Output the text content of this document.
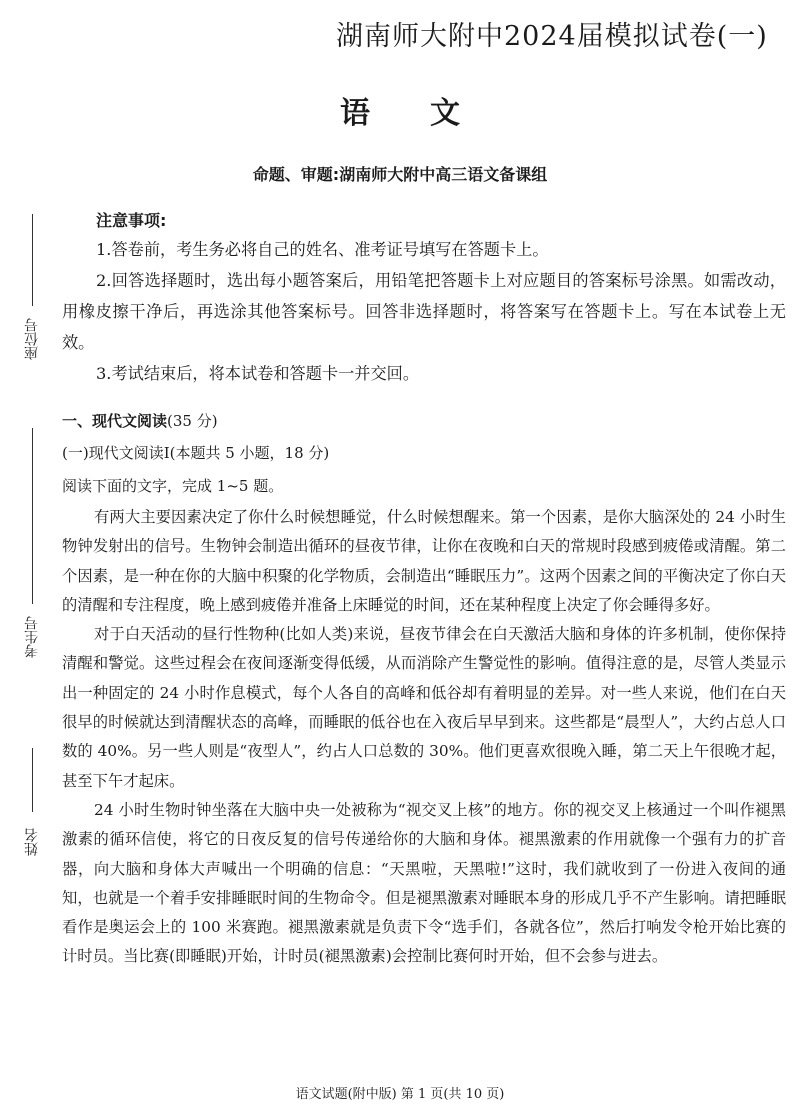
湖南师大附中2024届模拟试卷(一)
语文
命题、审题:湖南师大附中高三语文备课组
座位号
考生号
姓名
注意事项:

1.答卷前，考生务必将自己的姓名、准考证号填写在答题卡上。

2.回答选择题时，选出每小题答案后，用铅笔把答题卡上对应题目的答案标号涂黑。如需改动，用橡皮擦干净后，再选涂其他答案标号。回答非选择题时，将答案写在答题卡上。写在本试卷上无效。

3.考试结束后，将本试卷和答题卡一并交回。

一、现代文阅读(35 分)
(一)现代文阅读Ⅰ(本题共 5 小题，18 分)
阅读下面的文字，完成 1~5 题。

有两大主要因素决定了你什么时候想睡觉，什么时候想醒来。第一个因素，是你大脑深处的 24 小时生物钟发射出的信号。生物钟会制造出循环的昼夜节律，让你在夜晚和白天的常规时段感到疲倦或清醒。第二个因素，是一种在你的大脑中积聚的化学物质，会制造出“睡眠压力”。这两个因素之间的平衡决定了你白天的清醒和专注程度，晚上感到疲倦并准备上床睡觉的时间，还在某种程度上决定了你会睡得多好。

对于白天活动的昼行性物种(比如人类)来说，昼夜节律会在白天激活大脑和身体的许多机制，使你保持清醒和警觉。这些过程会在夜间逐渐变得低缓，从而消除产生警觉性的影响。值得注意的是，尽管人类显示出一种固定的 24 小时作息模式，每个人各自的高峰和低谷却有着明显的差异。对一些人来说，他们在白天很早的时候就达到清醒状态的高峰，而睡眠的低谷也在入夜后早早到来。这些都是“晨型人”，大约占总人口数的 40%。另一些人则是“夜型人”，约占人口总数的 30%。他们更喜欢很晚入睡，第二天上午很晚才起，甚至下午才起床。

24 小时生物时钟坐落在大脑中央一处被称为“视交叉上核”的地方。你的视交叉上核通过一个叫作褪黑激素的循环信使，将它的日夜反复的信号传递给你的大脑和身体。褪黑激素的作用就像一个强有力的扩音器，向大脑和身体大声喊出一个明确的信息：“天黑啦，天黑啦!”这时，我们就收到了一份进入夜间的通知，也就是一个着手安排睡眠时间的生物命令。但是褪黑激素对睡眠本身的形成几乎不产生影响。请把睡眠看作是奥运会上的 100 米赛跑。褪黑激素就是负责下令“选手们，各就各位”，然后打响发令枪开始比赛的计时员。当比赛(即睡眠)开始，计时员(褪黑激素)会控制比赛何时开始，但不会参与进去。

语文试题(附中版) 第 1 页(共 10 页)
